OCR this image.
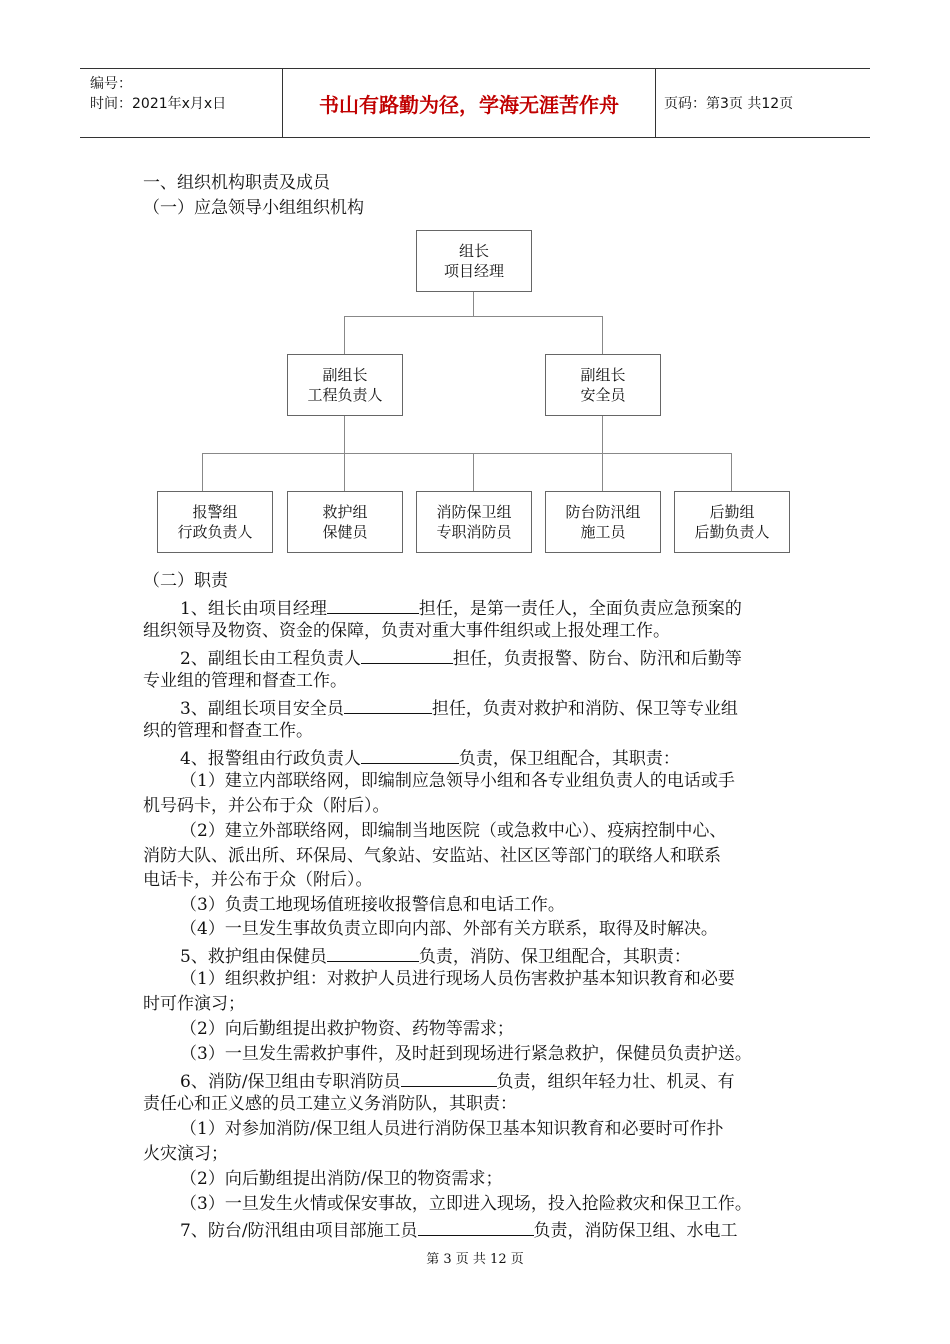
编号：
时间：2021年x月x日	书山有路勤为径，学海无涯苦作舟	页码：第3页 共12页
一、组织机构职责及成员
（一）应急领导小组组织机构
组长
项目经理
副组长
工程负责人
副组长
安全员
报警组
行政负责人
救护组
保健员
消防保卫组
专职消防员
防台防汛组
施工员
后勤组
后勤负责人
（二）职责
1、组长由项目经理	担任，是第一责任人，全面负责应急预案的
组织领导及物资、资金的保障，负责对重大事件组织或上报处理工作。
2、副组长由工程负责人	担任，负责报警、防台、防汛和后勤等
专业组的管理和督查工作。
3、副组长项目安全员	担任，负责对救护和消防、保卫等专业组
织的管理和督查工作。
4、报警组由行政负责人	负责，保卫组配合，其职责：
（1）建立内部联络网，即编制应急领导小组和各专业组负责人的电话或手
机号码卡，并公布于众（附后）。
（2）建立外部联络网，即编制当地医院（或急救中心）、疫病控制中心、
消防大队、派出所、环保局、气象站、安监站、社区区等部门的联络人和联系
电话卡，并公布于众（附后）。
（3）负责工地现场值班接收报警信息和电话工作。
（4）一旦发生事故负责立即向内部、外部有关方联系，取得及时解决。
5、救护组由保健员	负责，消防、保卫组配合，其职责：
（1）组织救护组：对救护人员进行现场人员伤害救护基本知识教育和必要
时可作演习；
（2）向后勤组提出救护物资、药物等需求；
（3）一旦发生需救护事件，及时赶到现场进行紧急救护，保健员负责护送。
6、消防/保卫组由专职消防员	负责，组织年轻力壮、机灵、有
责任心和正义感的员工建立义务消防队，其职责：
（1）对参加消防/保卫组人员进行消防保卫基本知识教育和必要时可作扑
火灾演习；
（2）向后勤组提出消防/保卫的物资需求；
（3）一旦发生火情或保安事故，立即进入现场，投入抢险救灾和保卫工作。
7、防台/防汛组由项目部施工员	负责，消防保卫组、水电工
第 3 页 共 12 页
